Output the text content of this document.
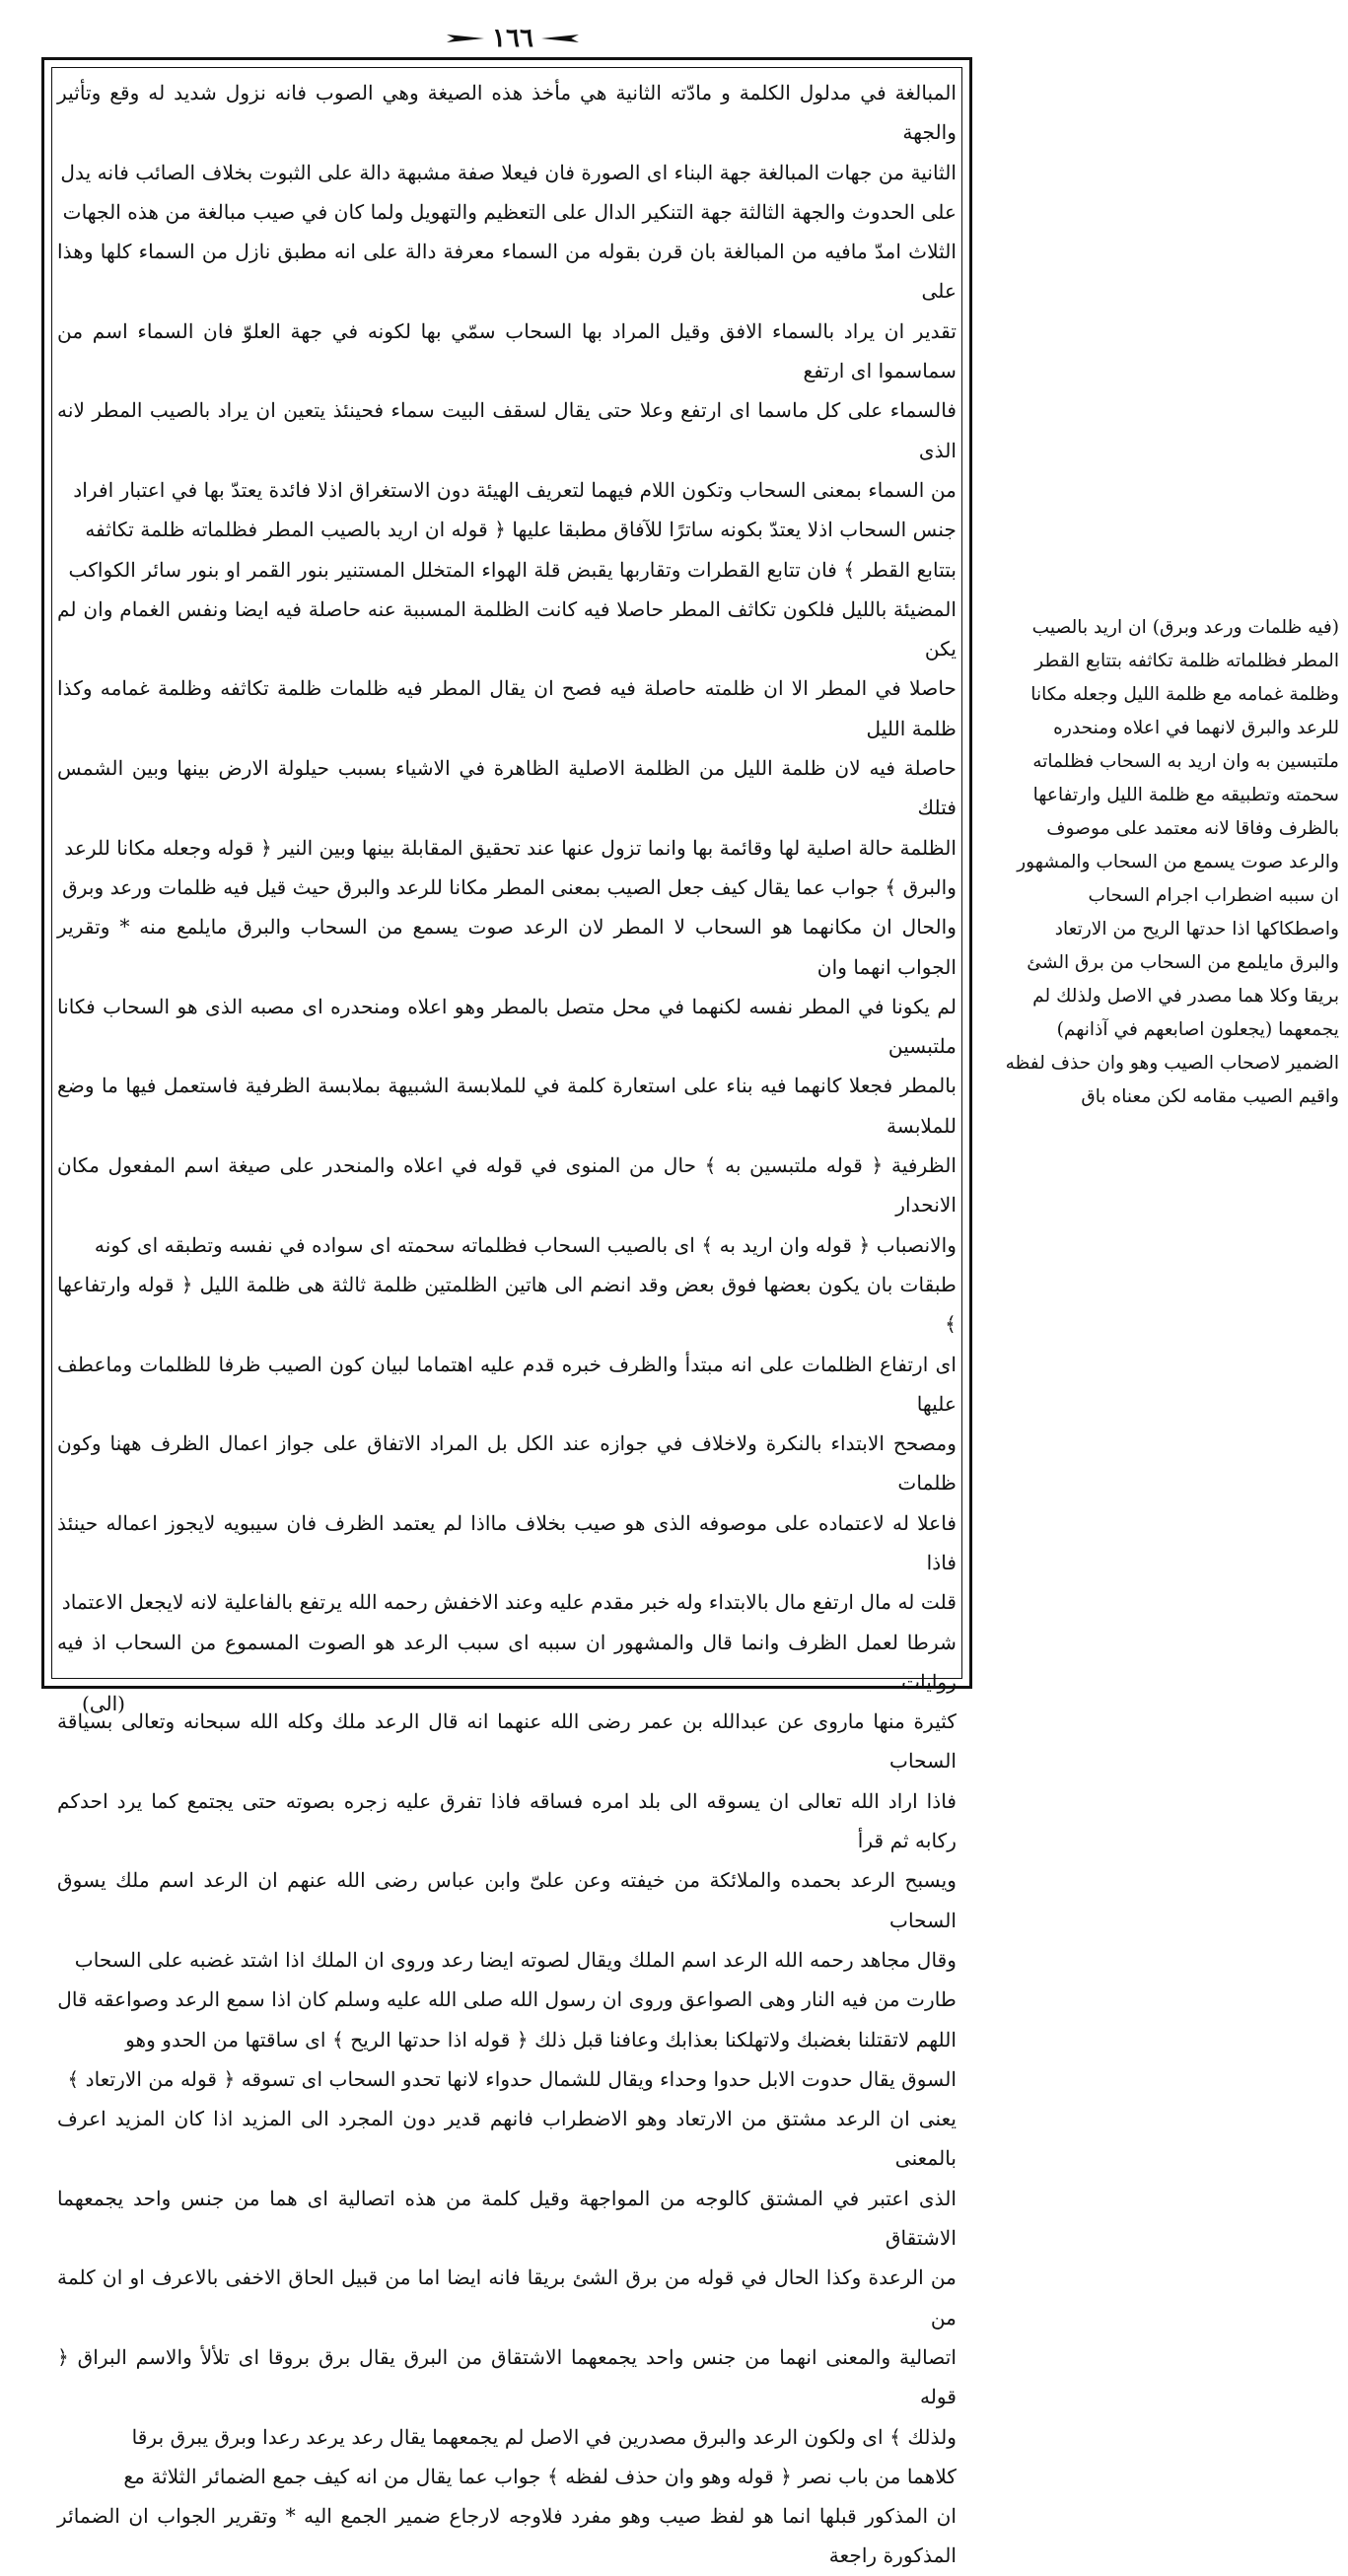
١٦٦
المبالغة في مدلول الكلمة و مادّته الثانية هي مأخذ هذه الصيغة وهي الصوب فانه نزول شديد له وقع وتأثير والجهة
الثانية من جهات المبالغة جهة البناء اى الصورة فان فيعلا صفة مشبهة دالة على الثبوت بخلاف الصائب فانه يدل
على الحدوث والجهة الثالثة جهة التنكير الدال على التعظيم والتهويل ولما كان في صيب مبالغة من هذه الجهات
الثلاث امدّ مافيه من المبالغة بان قرن بقوله من السماء معرفة دالة على انه مطبق نازل من السماء كلها وهذا على
تقدير ان يراد بالسماء الافق وقيل المراد بها السحاب سمّي بها لكونه في جهة العلوّ فان السماء اسم من سماسموا اى ارتفع
فالسماء على كل ماسما اى ارتفع وعلا حتى يقال لسقف البيت سماء فحينئذ يتعين ان يراد بالصيب المطر لانه الذى
من السماء بمعنى السحاب وتكون اللام فيهما لتعريف الهيئة دون الاستغراق اذلا فائدة يعتدّ بها في اعتبار افراد
جنس السحاب اذلا يعتدّ بكونه ساترًا للآفاق مطبقا عليها ﴿ قوله ان اريد بالصيب المطر فظلماته ظلمة تكاثفه
بتتابع القطر ﴾ فان تتابع القطرات وتقاربها يقبض قلة الهواء المتخلل المستنير بنور القمر او بنور سائر الكواكب
المضيئة بالليل فلكون تكاثف المطر حاصلا فيه كانت الظلمة المسببة عنه حاصلة فيه ايضا ونفس الغمام وان لم يكن
حاصلا في المطر الا ان ظلمته حاصلة فيه فصح ان يقال المطر فيه ظلمات ظلمة تكاثفه وظلمة غمامه وكذا ظلمة الليل
حاصلة فيه لان ظلمة الليل من الظلمة الاصلية الظاهرة في الاشياء بسبب حيلولة الارض بينها وبين الشمس فتلك
الظلمة حالة اصلية لها وقائمة بها وانما تزول عنها عند تحقيق المقابلة بينها وبين النير ﴿ قوله وجعله مكانا للرعد
والبرق ﴾ جواب عما يقال كيف جعل الصيب بمعنى المطر مكانا للرعد والبرق حيث قيل فيه ظلمات ورعد وبرق
والحال ان مكانهما هو السحاب لا المطر لان الرعد صوت يسمع من السحاب والبرق مايلمع منه * وتقرير الجواب انهما وان
لم يكونا في المطر نفسه لكنهما في محل متصل بالمطر وهو اعلاه ومنحدره اى مصبه الذى هو السحاب فكانا ملتبسين
بالمطر فجعلا كانهما فيه بناء على استعارة كلمة في للملابسة الشبيهة بملابسة الظرفية فاستعمل فيها ما وضع للملابسة
الظرفية ﴿ قوله ملتبسين به ﴾ حال من المنوى في قوله في اعلاه والمنحدر على صيغة اسم المفعول مكان الانحدار
والانصباب ﴿ قوله وان اريد به ﴾ اى بالصيب السحاب فظلماته سحمته اى سواده في نفسه وتطبقه اى كونه
طبقات بان يكون بعضها فوق بعض وقد انضم الى هاتين الظلمتين ظلمة ثالثة هى ظلمة الليل ﴿ قوله وارتفاعها ﴾
اى ارتفاع الظلمات على انه مبتدأ والظرف خبره قدم عليه اهتماما لبيان كون الصيب ظرفا للظلمات وماعطف عليها
ومصحح الابتداء بالنكرة ولاخلاف في جوازه عند الكل بل المراد الاتفاق على جواز اعمال الظرف ههنا وكون ظلمات
فاعلا له لاعتماده على موصوفه الذى هو صيب بخلاف مااذا لم يعتمد الظرف فان سيبويه لايجوز اعماله حينئذ فاذا
قلت له مال ارتفع مال بالابتداء وله خبر مقدم عليه وعند الاخفش رحمه الله يرتفع بالفاعلية لانه لايجعل الاعتماد
شرطا لعمل الظرف وانما قال والمشهور ان سببه اى سبب الرعد هو الصوت المسموع من السحاب اذ فيه روايات
كثيرة منها ماروى عن عبدالله بن عمر رضى الله عنهما انه قال الرعد ملك وكله الله سبحانه وتعالى بسياقة السحاب
فاذا اراد الله تعالى ان يسوقه الى بلد امره فساقه فاذا تفرق عليه زجره بصوته حتى يجتمع كما يرد احدكم ركابه ثم قرأ
ويسبح الرعد بحمده والملائكة من خيفته وعن علىّ وابن عباس رضى الله عنهم ان الرعد اسم ملك يسوق السحاب
وقال مجاهد رحمه الله الرعد اسم الملك ويقال لصوته ايضا رعد وروى ان الملك اذا اشتد غضبه على السحاب
طارت من فيه النار وهى الصواعق وروى ان رسول الله صلى الله عليه وسلم كان اذا سمع الرعد وصواعقه قال
اللهم لاتقتلنا بغضبك ولاتهلكنا بعذابك وعافنا قبل ذلك ﴿ قوله اذا حدتها الريح ﴾ اى ساقتها من الحدو وهو
السوق يقال حدوت الابل حدوا وحداء ويقال للشمال حدواء لانها تحدو السحاب اى تسوقه ﴿ قوله من الارتعاد ﴾
يعنى ان الرعد مشتق من الارتعاد وهو الاضطراب فانهم قدير دون المجرد الى المزيد اذا كان المزيد اعرف بالمعنى
الذى اعتبر في المشتق كالوجه من المواجهة وقيل كلمة من هذه اتصالية اى هما من جنس واحد يجمعهما الاشتقاق
من الرعدة وكذا الحال في قوله من برق الشئ بريقا فانه ايضا اما من قبيل الحاق الاخفى بالاعرف او ان كلمة من
اتصالية والمعنى انهما من جنس واحد يجمعهما الاشتقاق من البرق يقال برق بروقا اى تلألأ والاسم البراق ﴿ قوله
ولذلك ﴾ اى ولكون الرعد والبرق مصدرين في الاصل لم يجمعهما يقال رعد يرعد رعدا وبرق يبرق برقا
كلاهما من باب نصر ﴿ قوله وهو وان حذف لفظه ﴾ جواب عما يقال من انه كيف جمع الضمائر الثلاثة مع
ان المذكور قبلها انما هو لفظ صيب وهو مفرد فلاوجه لارجاع ضمير الجمع اليه * وتقرير الجواب ان الضمائر المذكورة راجعة
(فيه ظلمات ورعد وبرق) ان اريد بالصيب المطر فظلماته ظلمة تكاثفه بتتابع القطر وظلمة غمامه مع ظلمة الليل وجعله مكانا للرعد والبرق لانهما في اعلاه ومنحدره ملتبسين به وان اريد به السحاب فظلماته سحمته وتطبيقه مع ظلمة الليل وارتفاعها بالظرف وفاقا لانه معتمد على موصوف والرعد صوت يسمع من السحاب والمشهور ان سببه اضطراب اجرام السحاب واصطكاكها اذا حدتها الريح من الارتعاد والبرق مايلمع من السحاب من برق الشئ بريقا وكلا هما مصدر في الاصل ولذلك لم يجمعهما (يجعلون اصابعهم في آذانهم) الضمير لاصحاب الصيب وهو وان حذف لفظه واقيم الصيب مقامه لكن معناه باق
(الى)
